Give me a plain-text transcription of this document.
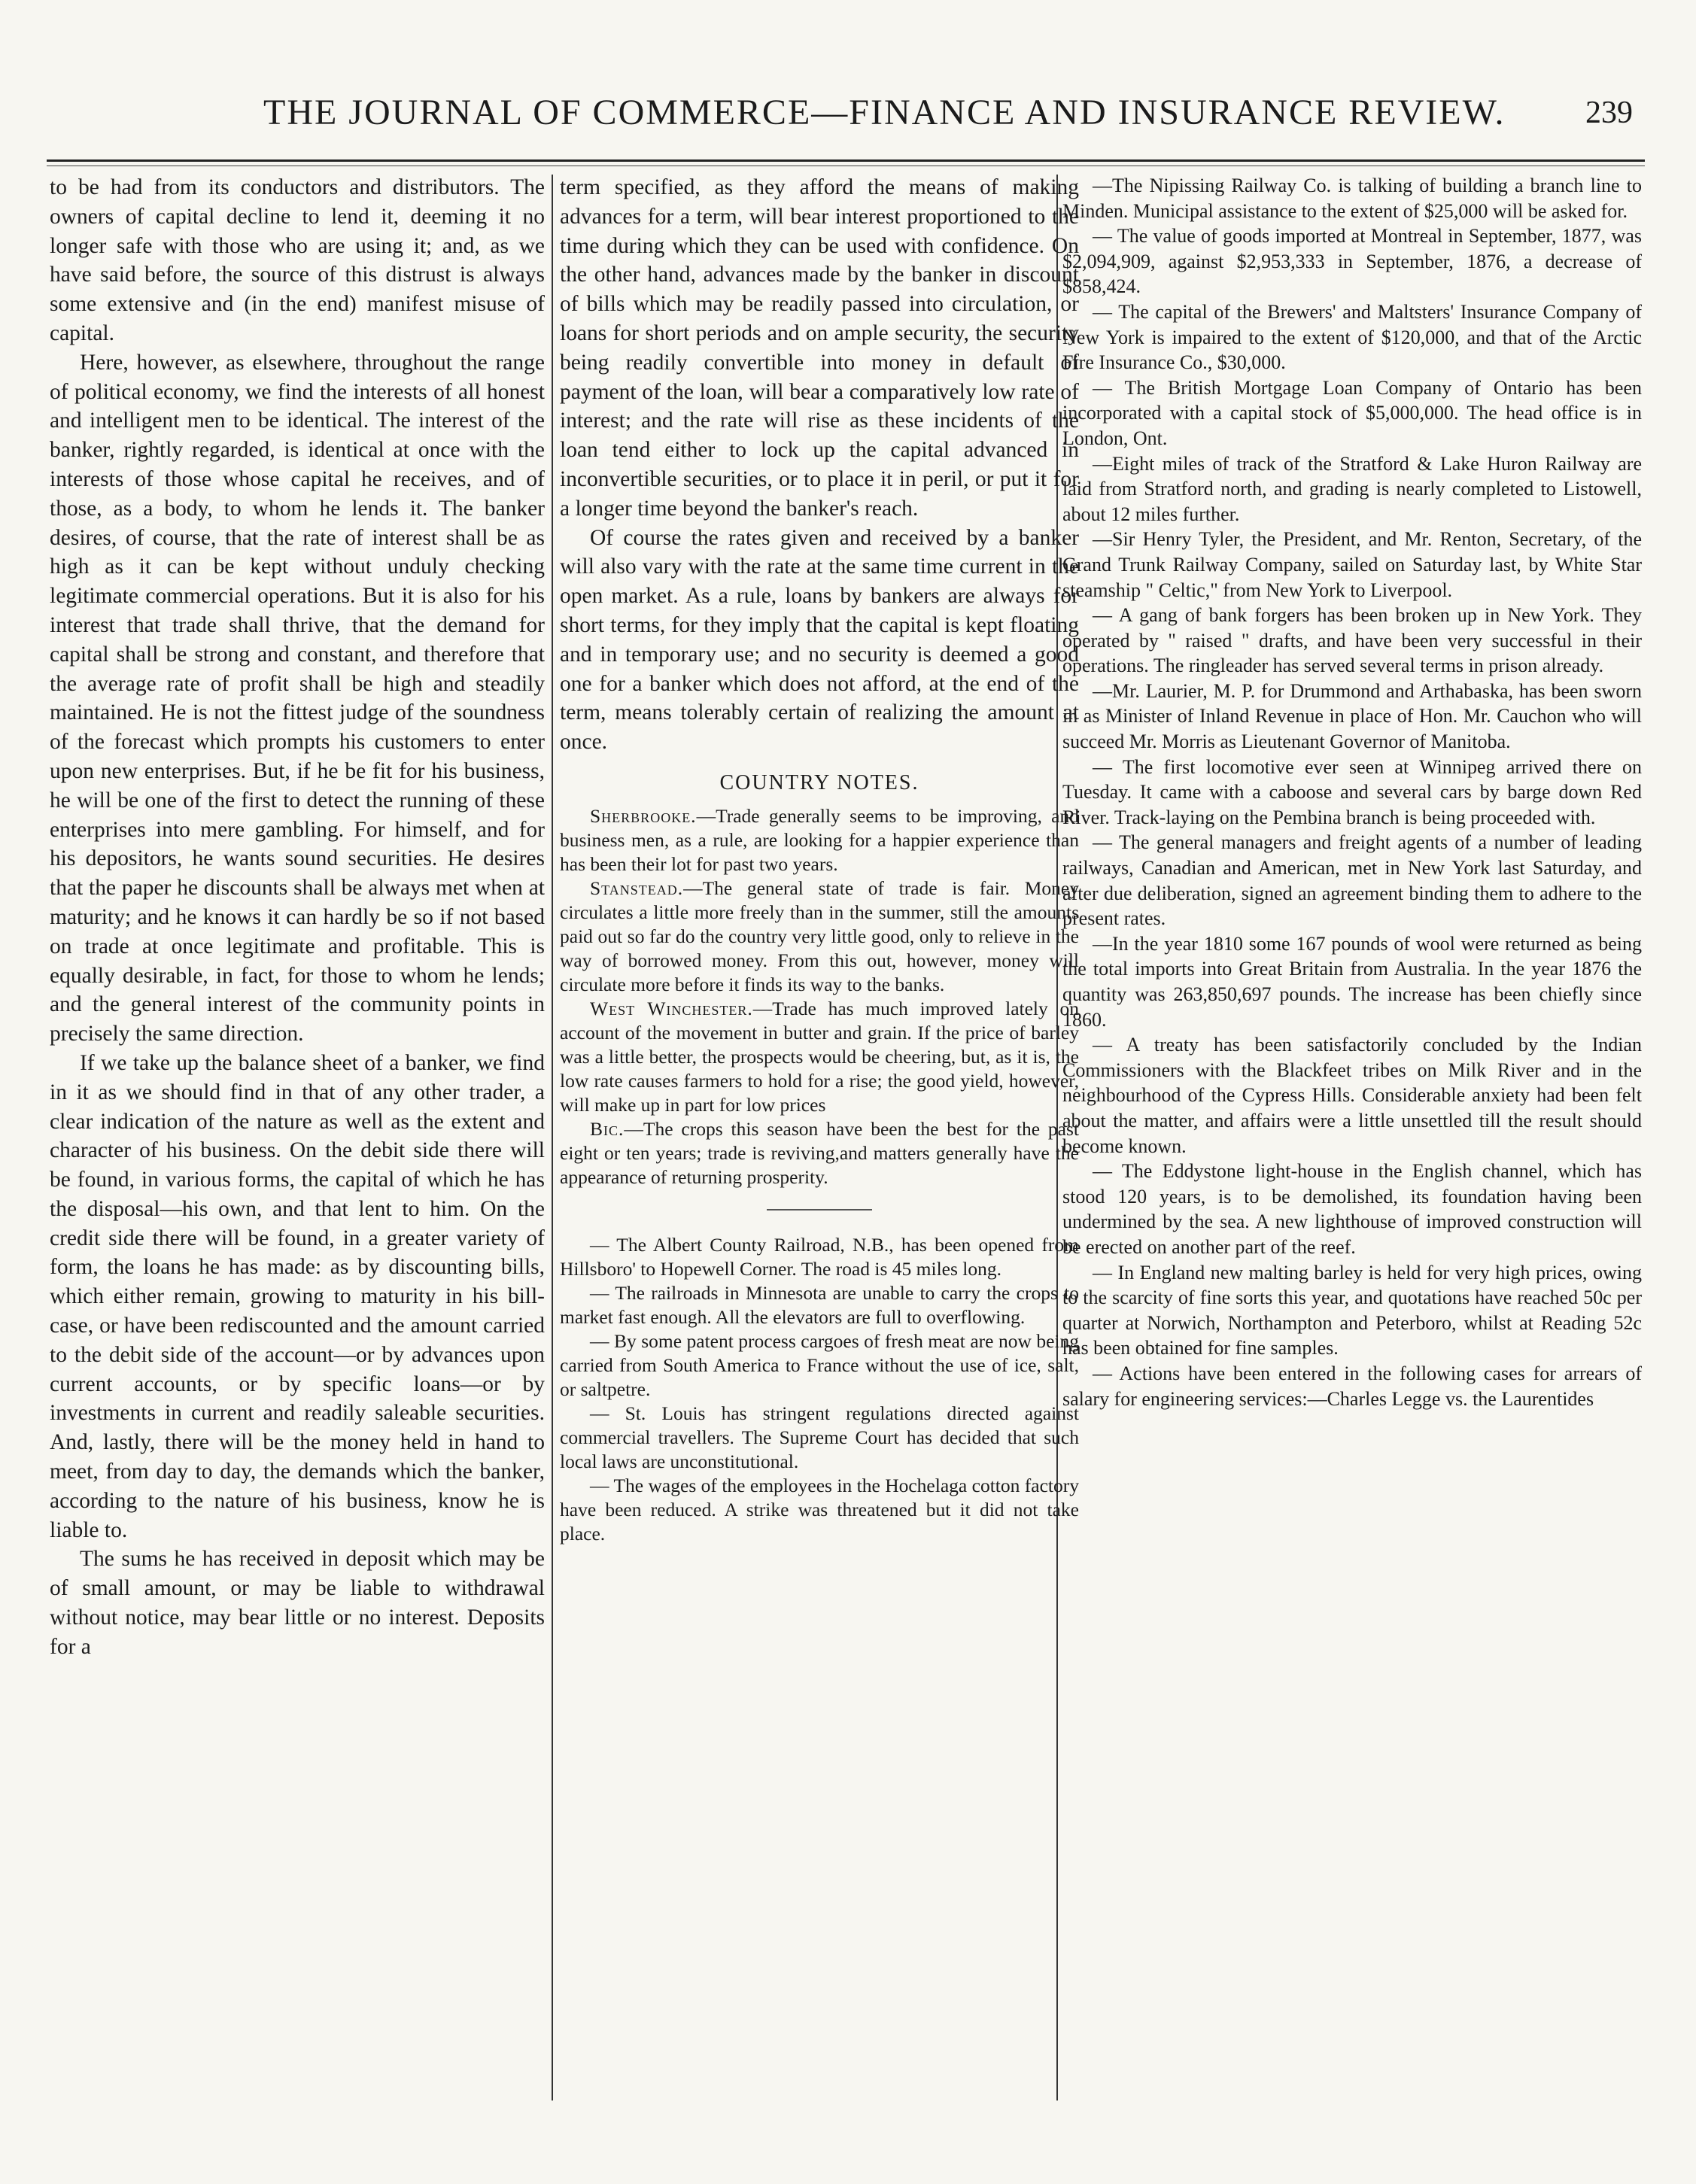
THE JOURNAL OF COMMERCE—FINANCE AND INSURANCE REVIEW.	239

to be had from its conductors and distributors. The owners of capital decline to lend it, deeming it no longer safe with those who are using it; and, as we have said before, the source of this distrust is always some extensive and (in the end) manifest misuse of capital.

Here, however, as elsewhere, throughout the range of political economy, we find the interests of all honest and intelligent men to be identical. The interest of the banker, rightly regarded, is identical at once with the interests of those whose capital he receives, and of those, as a body, to whom he lends it. The banker desires, of course, that the rate of interest shall be as high as it can be kept without unduly checking legitimate commercial operations. But it is also for his interest that trade shall thrive, that the demand for capital shall be strong and constant, and therefore that the average rate of profit shall be high and steadily maintained. He is not the fittest judge of the soundness of the forecast which prompts his customers to enter upon new enterprises. But, if he be fit for his business, he will be one of the first to detect the running of these enterprises into mere gambling. For himself, and for his depositors, he wants sound securities. He desires that the paper he discounts shall be always met when at maturity; and he knows it can hardly be so if not based on trade at once legitimate and profitable. This is equally desirable, in fact, for those to whom he lends; and the general interest of the community points in precisely the same direction.

If we take up the balance sheet of a banker, we find in it as we should find in that of any other trader, a clear indication of the nature as well as the extent and character of his business. On the debit side there will be found, in various forms, the capital of which he has the disposal—his own, and that lent to him. On the credit side there will be found, in a greater variety of form, the loans he has made: as by discounting bills, which either remain, growing to maturity in his bill-case, or have been rediscounted and the amount carried to the debit side of the account—or by advances upon current accounts, or by specific loans—or by investments in current and readily saleable securities. And, lastly, there will be the money held in hand to meet, from day to day, the demands which the banker, according to the nature of his business, know he is liable to.

The sums he has received in deposit which may be of small amount, or may be liable to withdrawal without notice, may bear little or no interest. Deposits for a

term specified, as they afford the means of making advances for a term, will bear interest proportioned to the time during which they can be used with confidence. On the other hand, advances made by the banker in discount of bills which may be readily passed into circulation, or loans for short periods and on ample security, the security being readily convertible into money in default of payment of the loan, will bear a comparatively low rate of interest; and the rate will rise as these incidents of the loan tend either to lock up the capital advanced in inconvertible securities, or to place it in peril, or put it for a longer time beyond the banker's reach.

Of course the rates given and received by a banker will also vary with the rate at the same time current in the open market. As a rule, loans by bankers are always for short terms, for they imply that the capital is kept floating and in temporary use; and no security is deemed a good one for a banker which does not afford, at the end of the term, means tolerably certain of realizing the amount at once.

COUNTRY NOTES.

Sherbrooke.—Trade generally seems to be improving, and business men, as a rule, are looking for a happier experience than has been their lot for past two years.

Stanstead.—The general state of trade is fair. Money circulates a little more freely than in the summer, still the amounts paid out so far do the country very little good, only to relieve in the way of borrowed money. From this out, however, money will circulate more before it finds its way to the banks.

West Winchester.—Trade has much improved lately on account of the movement in butter and grain. If the price of barley was a little better, the prospects would be cheering, but, as it is, the low rate causes farmers to hold for a rise; the good yield, however, will make up in part for low prices

Bic.—The crops this season have been the best for the past eight or ten years; trade is reviving,and matters generally have the appearance of returning prosperity.

— The Albert County Railroad, N.B., has been opened from Hillsboro' to Hopewell Corner. The road is 45 miles long.

— The railroads in Minnesota are unable to carry the crops to market fast enough. All the elevators are full to overflowing.

— By some patent process cargoes of fresh meat are now being carried from South America to France without the use of ice, salt, or saltpetre.

— St. Louis has stringent regulations directed against commercial travellers. The Supreme Court has decided that such local laws are unconstitutional.

— The wages of the employees in the Hochelaga cotton factory have been reduced. A strike was threatened but it did not take place.

—The Nipissing Railway Co. is talking of building a branch line to Minden. Municipal assistance to the extent of $25,000 will be asked for.

— The value of goods imported at Montreal in September, 1877, was $2,094,909, against $2,953,333 in September, 1876, a decrease of $858,424.

— The capital of the Brewers' and Maltsters' Insurance Company of New York is impaired to the extent of $120,000, and that of the Arctic Fire Insurance Co., $30,000.

— The British Mortgage Loan Company of Ontario has been incorporated with a capital stock of $5,000,000. The head office is in London, Ont.

—Eight miles of track of the Stratford & Lake Huron Railway are laid from Stratford north, and grading is nearly completed to Listowell, about 12 miles further.

—Sir Henry Tyler, the President, and Mr. Renton, Secretary, of the Grand Trunk Railway Company, sailed on Saturday last, by White Star steamship " Celtic," from New York to Liverpool.

— A gang of bank forgers has been broken up in New York. They operated by " raised " drafts, and have been very successful in their operations. The ringleader has served several terms in prison already.

—Mr. Laurier, M. P. for Drummond and Arthabaska, has been sworn in as Minister of Inland Revenue in place of Hon. Mr. Cauchon who will succeed Mr. Morris as Lieutenant Governor of Manitoba.

— The first locomotive ever seen at Winnipeg arrived there on Tuesday. It came with a caboose and several cars by barge down Red River. Track-laying on the Pembina branch is being proceeded with.

— The general managers and freight agents of a number of leading railways, Canadian and American, met in New York last Saturday, and after due deliberation, signed an agreement binding them to adhere to the present rates.

—In the year 1810 some 167 pounds of wool were returned as being the total imports into Great Britain from Australia. In the year 1876 the quantity was 263,850,697 pounds. The increase has been chiefly since 1860.

— A treaty has been satisfactorily concluded by the Indian Commissioners with the Blackfeet tribes on Milk River and in the neighbourhood of the Cypress Hills. Considerable anxiety had been felt about the matter, and affairs were a little unsettled till the result should become known.

— The Eddystone light-house in the English channel, which has stood 120 years, is to be demolished, its foundation having been undermined by the sea. A new lighthouse of improved construction will be erected on another part of the reef.

— In England new malting barley is held for very high prices, owing to the scarcity of fine sorts this year, and quotations have reached 50c per quarter at Norwich, Northampton and Peterboro, whilst at Reading 52c has been obtained for fine samples.

— Actions have been entered in the following cases for arrears of salary for engineering services:—Charles Legge vs. the Laurentides
